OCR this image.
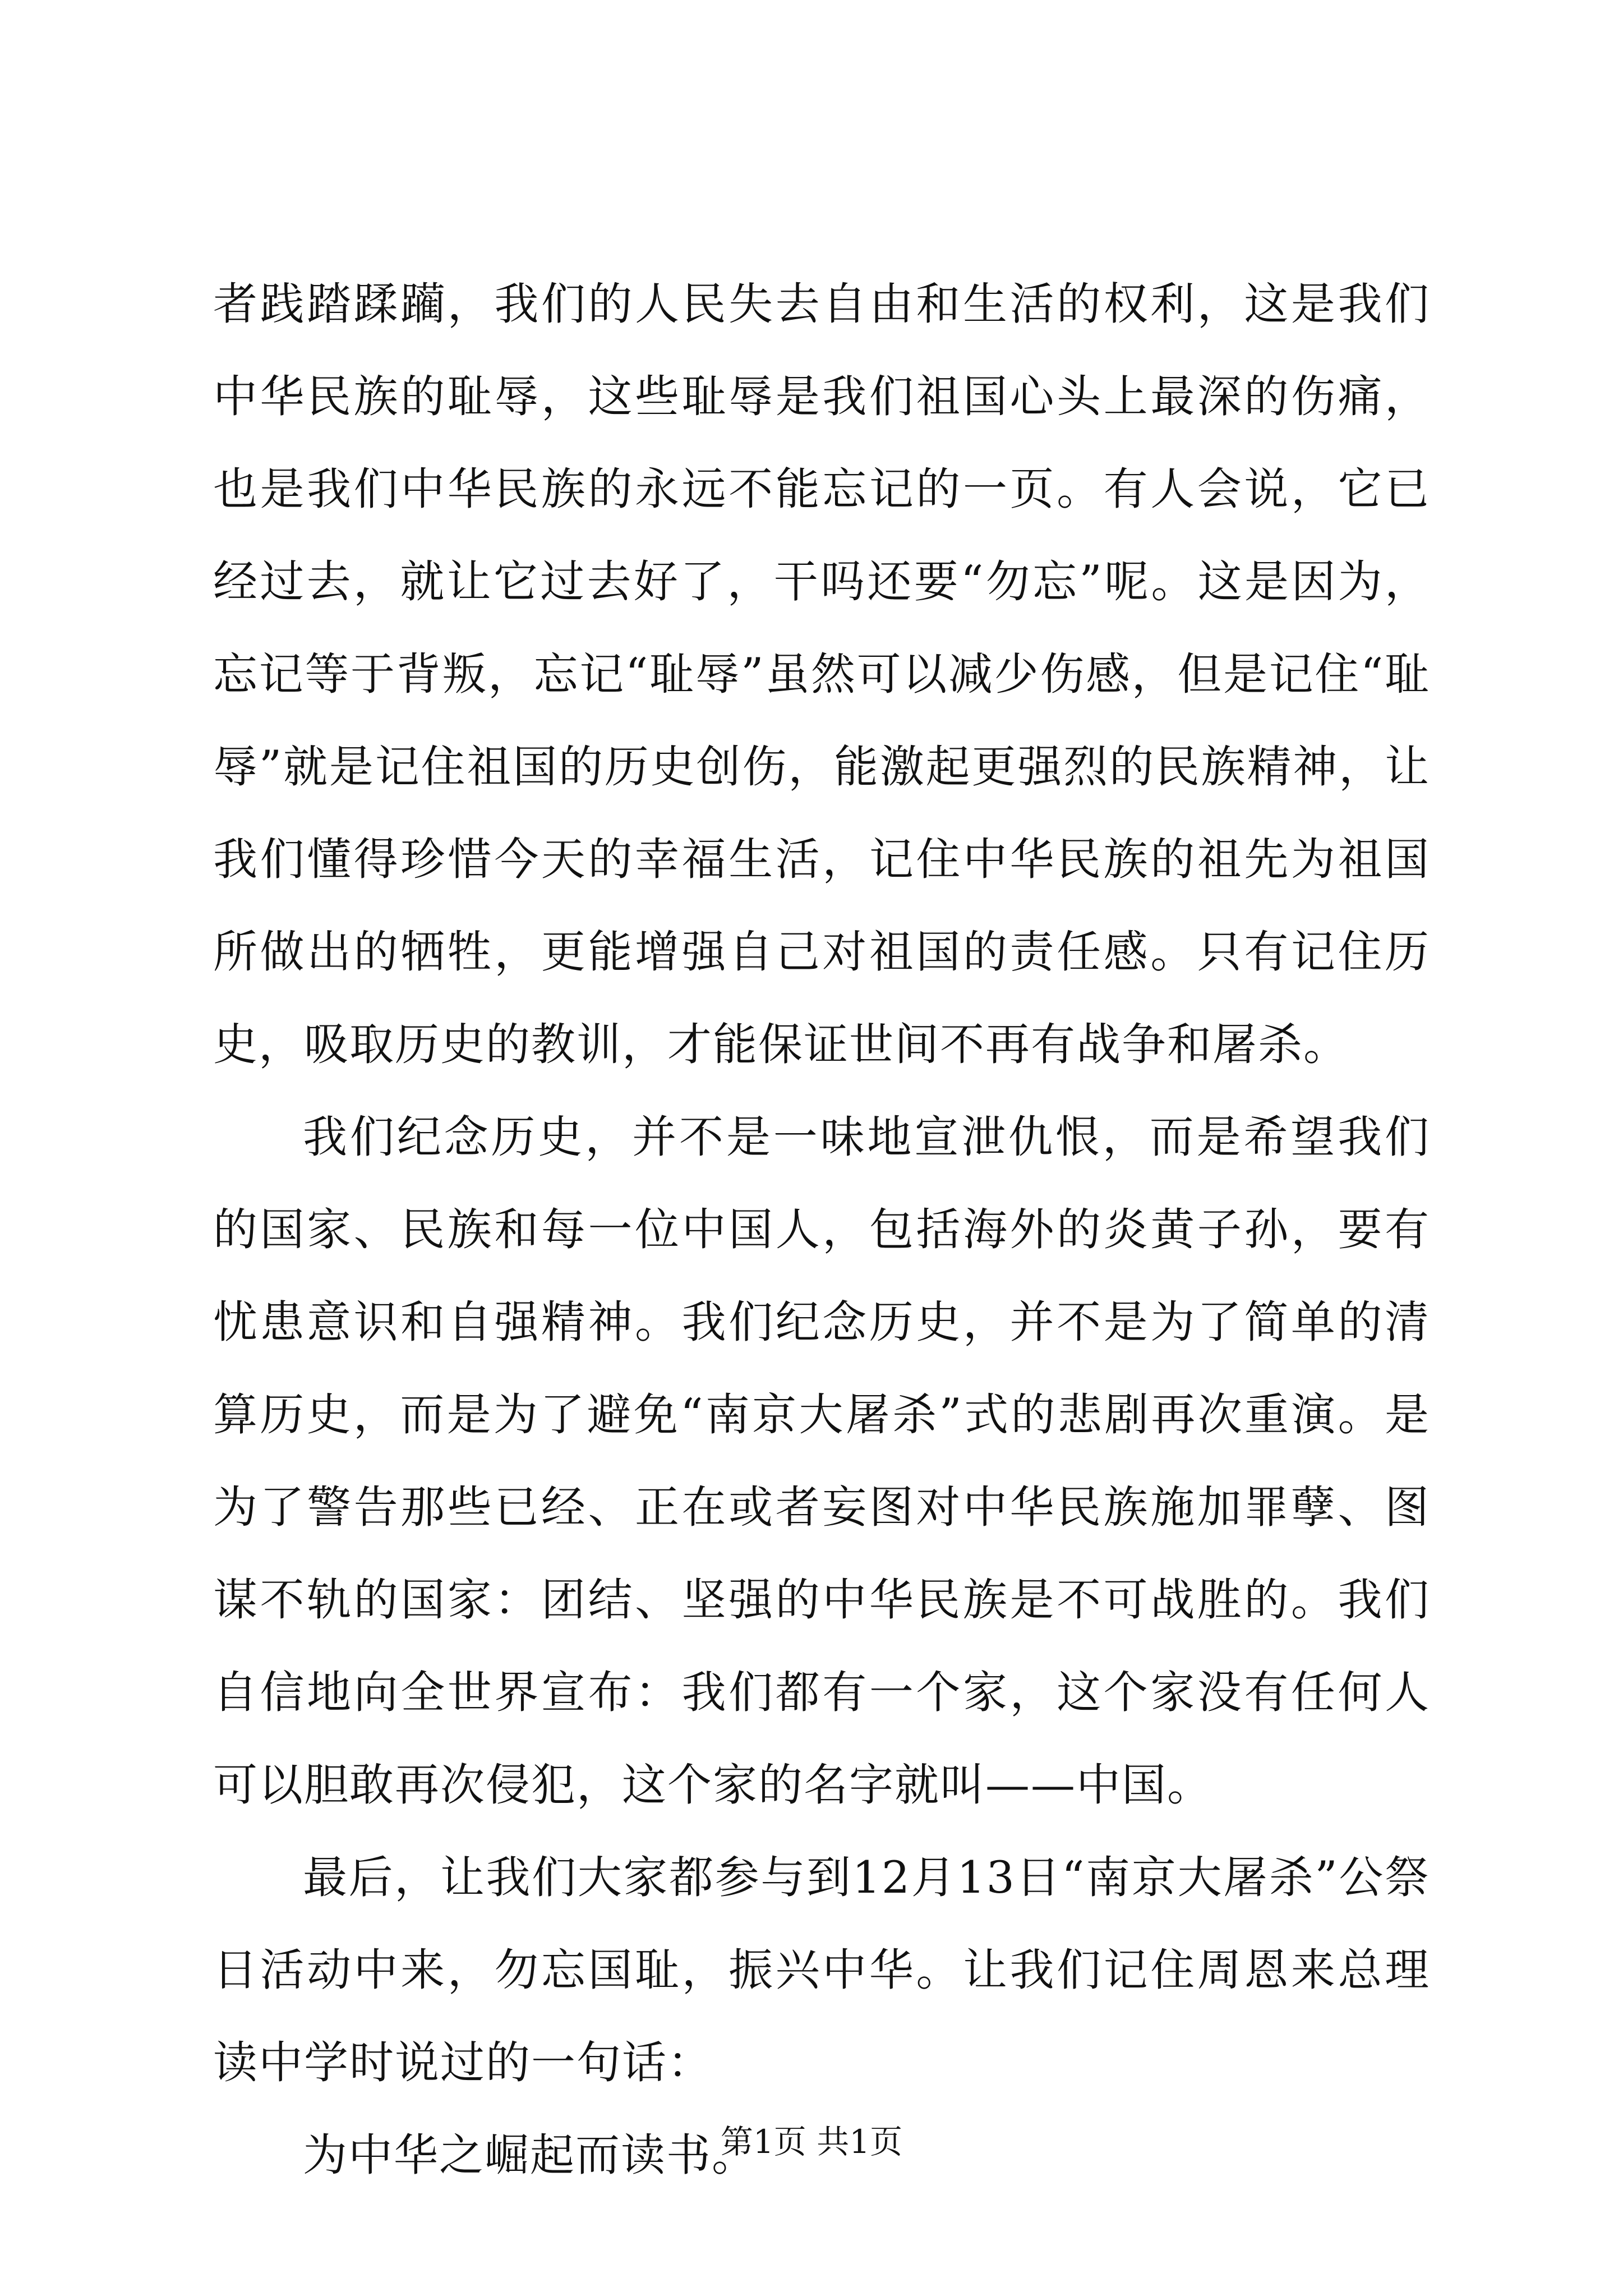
者践踏蹂躏，我们的人民失去自由和生活的权利，这是我们中华民族的耻辱，这些耻辱是我们祖国心头上最深的伤痛，也是我们中华民族的永远不能忘记的一页。有人会说，它已经过去，就让它过去好了，干吗还要“勿忘”呢。这是因为，忘记等于背叛，忘记“耻辱”虽然可以减少伤感，但是记住“耻辱”就是记住祖国的历史创伤，能激起更强烈的民族精神，让我们懂得珍惜今天的幸福生活，记住中华民族的祖先为祖国所做出的牺牲，更能增强自己对祖国的责任感。只有记住历史，吸取历史的教训，才能保证世间不再有战争和屠杀。

我们纪念历史，并不是一味地宣泄仇恨，而是希望我们的国家、民族和每一位中国人，包括海外的炎黄子孙，要有忧患意识和自强精神。我们纪念历史，并不是为了简单的清算历史，而是为了避免“南京大屠杀”式的悲剧再次重演。是为了警告那些已经、正在或者妄图对中华民族施加罪孽、图谋不轨的国家：团结、坚强的中华民族是不可战胜的。我们自信地向全世界宣布：我们都有一个家，这个家没有任何人可以胆敢再次侵犯，这个家的名字就叫——中国。

最后，让我们大家都参与到12月13日“南京大屠杀”公祭日活动中来，勿忘国耻，振兴中华。让我们记住周恩来总理读中学时说过的一句话：

为中华之崛起而读书。

第1页 共1页
